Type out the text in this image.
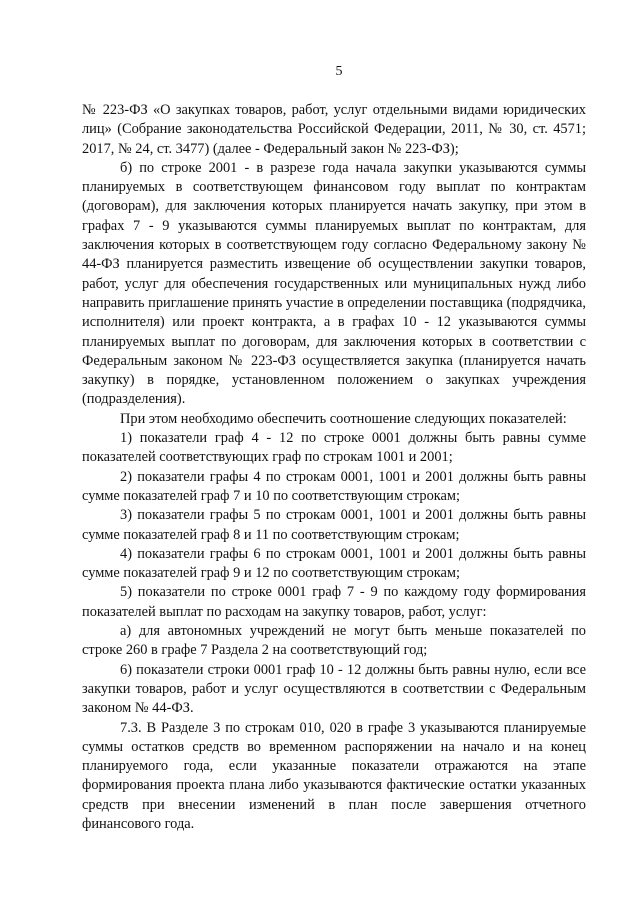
5

№ 223-ФЗ «О закупках товаров, работ, услуг отдельными видами юридических лиц» (Собрание законодательства Российской Федерации, 2011, № 30, ст. 4571; 2017, № 24, ст. 3477) (далее - Федеральный закон № 223-ФЗ);

б) по строке 2001 - в разрезе года начала закупки указываются суммы планируемых в соответствующем финансовом году выплат по контрактам (договорам), для заключения которых планируется начать закупку, при этом в графах 7 - 9 указываются суммы планируемых выплат по контрактам, для заключения которых в соответствующем году согласно Федеральному закону № 44-ФЗ планируется разместить извещение об осуществлении закупки товаров, работ, услуг для обеспечения государственных или муниципальных нужд либо направить приглашение принять участие в определении поставщика (подрядчика, исполнителя) или проект контракта, а в графах 10 - 12 указываются суммы планируемых выплат по договорам, для заключения которых в соответствии с Федеральным законом № 223-ФЗ осуществляется закупка (планируется начать закупку) в порядке, установленном положением о закупках учреждения (подразделения).

При этом необходимо обеспечить соотношение следующих показателей:

1) показатели граф 4 - 12 по строке 0001 должны быть равны сумме показателей соответствующих граф по строкам 1001 и 2001;

2) показатели графы 4 по строкам 0001, 1001 и 2001 должны быть равны сумме показателей граф 7 и 10 по соответствующим строкам;

3) показатели графы 5 по строкам 0001, 1001 и 2001 должны быть равны сумме показателей граф 8 и 11 по соответствующим строкам;

4) показатели графы 6 по строкам 0001, 1001 и 2001 должны быть равны сумме показателей граф 9 и 12 по соответствующим строкам;

5) показатели по строке 0001 граф 7 - 9 по каждому году формирования показателей выплат по расходам на закупку товаров, работ, услуг:

а) для автономных учреждений не могут быть меньше показателей по строке 260 в графе 7 Раздела 2 на соответствующий год;

6) показатели строки 0001 граф 10 - 12 должны быть равны нулю, если все закупки товаров, работ и услуг осуществляются в соответствии с Федеральным законом № 44-ФЗ.

7.3. В Разделе 3 по строкам 010, 020 в графе 3 указываются планируемые суммы остатков средств во временном распоряжении на начало и на конец планируемого года, если указанные показатели отражаются на этапе формирования проекта плана либо указываются фактические остатки указанных средств при внесении изменений в план после завершения отчетного финансового года.
